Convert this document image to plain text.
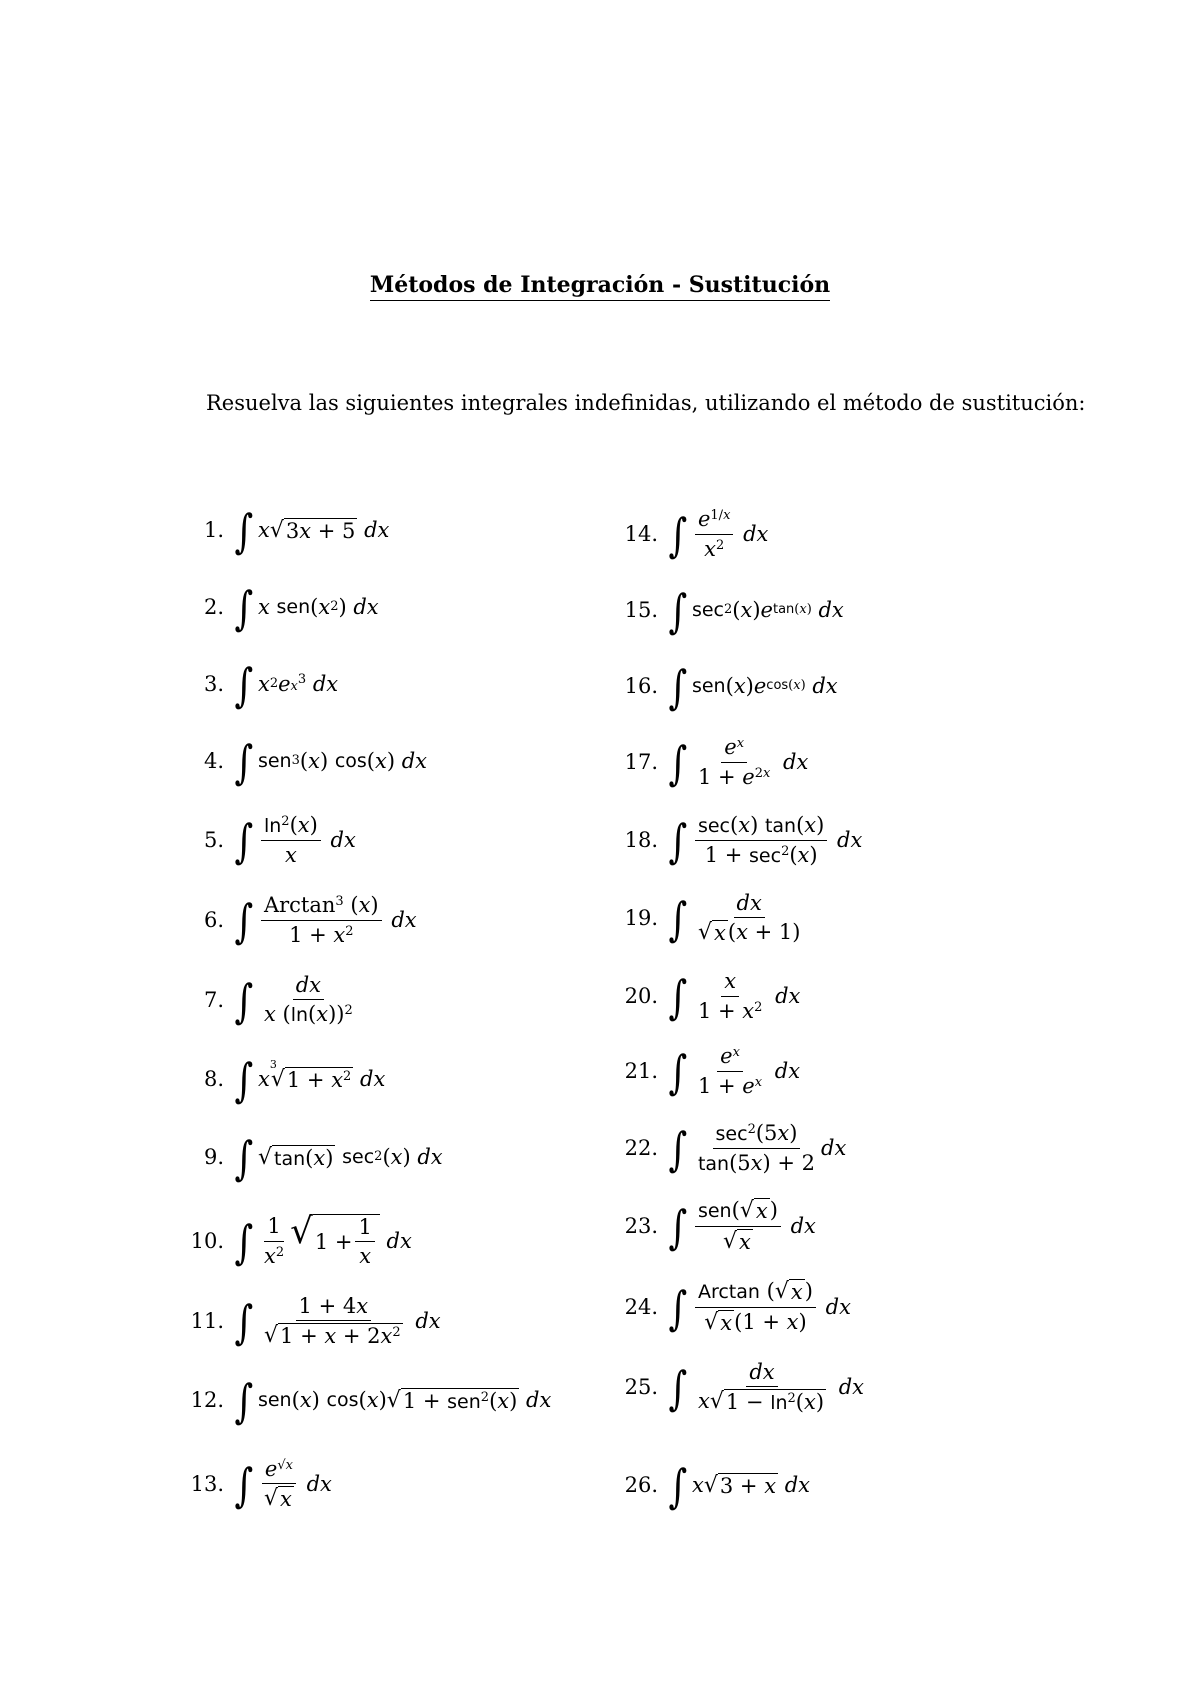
Métodos de Integración - Sustitución
Resuelva las siguientes integrales indefinidas, utilizando el método de sustitución:
1. ∫ x √ 3x + 5
dx
2. ∫ x
sen ( x 2 ) dx
3. ∫ x 2 e $x^3$
dx
4. ∫ sen 3 ( x ) cos ( x ) dx
5. ∫ $\frac{\ln^2(x)}{x}$
dx
6. ∫ $\frac{Arctan^3 (x)}{1 + x^2}$
dx
7. ∫ $\frac{dx}{x (\ln(x))^2}$
8. ∫ x
3
√ $1 + x^2$
dx
9. ∫ √ tan(x)
sec 2 ( x ) dx
10. ∫ $\frac{1}{x^2}$ √ $1 + \frac{1}{x}$
dx
11. ∫ $\frac{1 + 4x}{√ 1 + x + 2x^2}$
dx
12. ∫ sen ( x ) cos ( x ) √ 1 + sen$^2$(x)
dx
13. ∫ $\frac{e^{√x}}{√ x}$
dx
14. ∫ $\frac{e^{1/x}}{x^2}$
dx
15. ∫ sec 2 ( x ) e tan(x)
dx
16. ∫ sen ( x ) e cos(x)
dx
17. ∫ $\frac{e^x}{1 + e^{2x}}$
dx
18. ∫ $\frac{\sec(x) \tan(x)}{1 + \sec^2(x)}$
dx
19. ∫ $\frac{dx}{√ x (x + 1)}$
20. ∫ $\frac{x}{1 + x^2}$
dx
21. ∫ $\frac{e^x}{1 + e^x}$
dx
22. ∫ $\frac{\sec^2(5x)}{\tan(5x) + 2}$ dx
23. ∫ $\frac{\text{sen( √ x )}}{√ x}$
dx
24. ∫ $\frac{\text{Arctan ( √ x )}}{√ x (1 + x)}$
dx
25. ∫ $\frac{dx}{x √ 1 - \ln^2(x)}$
dx
26. ∫ x √ 3 + x
dx
